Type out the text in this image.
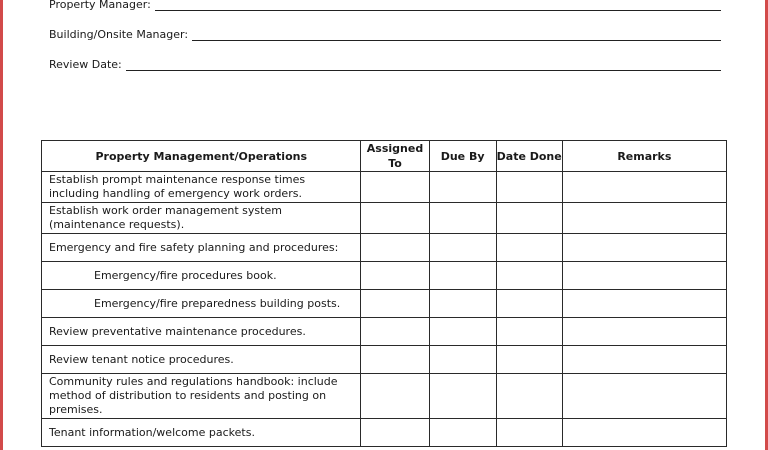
Property Manager:
Building/Onsite Manager:
Review Date:
Property Management/Operations	Assigned To	Due By	Date Done	Remarks
Establish prompt maintenance response times including handling of emergency work orders.				
Establish work order management system (maintenance requests).				
Emergency and fire safety planning and procedures:				
Emergency/fire procedures book.				
Emergency/fire preparedness building posts.				
Review preventative maintenance procedures.				
Review tenant notice procedures.				
Community rules and regulations handbook: include method of distribution to residents and posting on premises.				
Tenant information/welcome packets.				
